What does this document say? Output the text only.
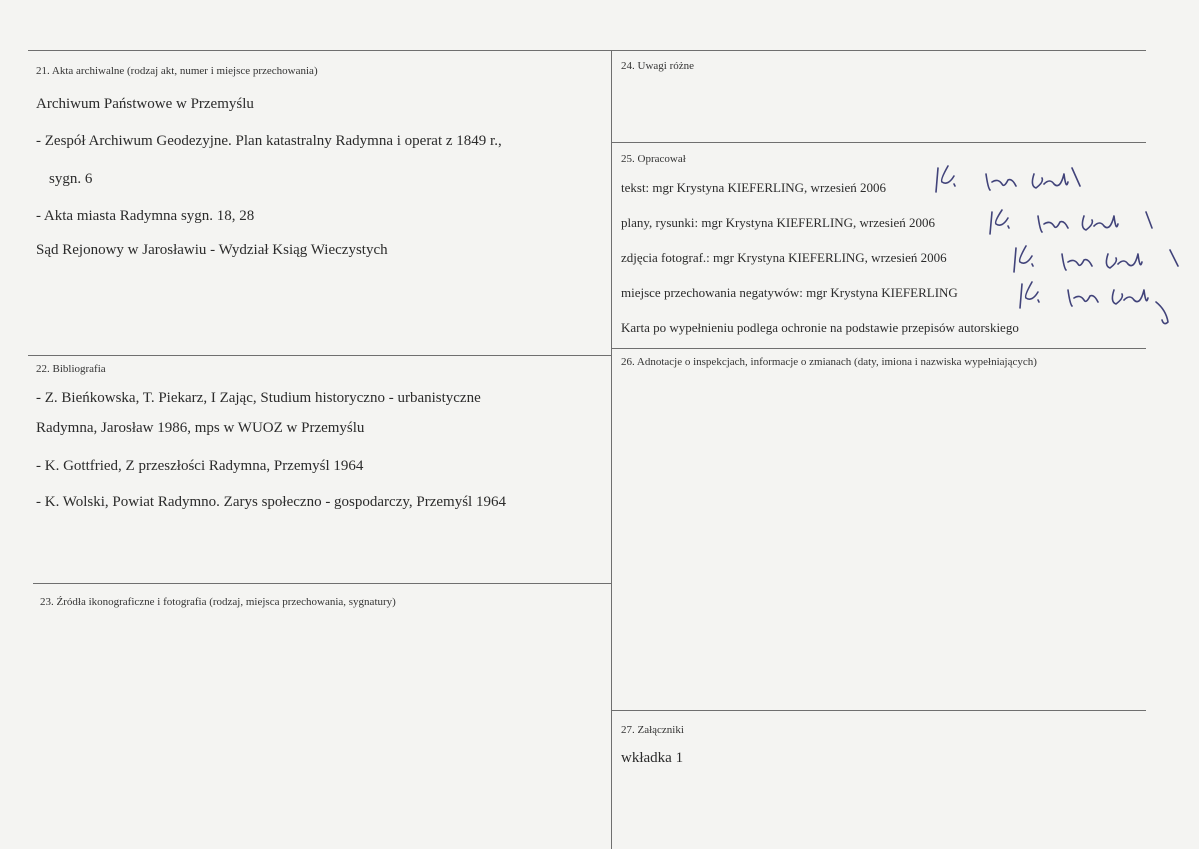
21. Akta archiwalne (rodzaj akt, numer i miejsce przechowania)
Archiwum Państwowe w Przemyślu
- Zespół Archiwum Geodezyjne. Plan katastralny Radymna i operat z 1849 r.,
sygn. 6
- Akta miasta Radymna sygn. 18, 28
Sąd Rejonowy w Jarosławiu - Wydział Ksiąg Wieczystych
22. Bibliografia
- Z. Bieńkowska, T. Piekarz, I Zając, Studium historyczno - urbanistyczne
Radymna, Jarosław 1986, mps w WUOZ w Przemyślu
- K. Gottfried, Z przeszłości Radymna, Przemyśl 1964
- K. Wolski, Powiat Radymno. Zarys społeczno - gospodarczy, Przemyśl 1964
23. Źródła ikonograficzne i fotografia (rodzaj, miejsca przechowania, sygnatury)
24. Uwagi różne
25. Opracował
tekst: mgr Krystyna KIEFERLING, wrzesień 2006
plany, rysunki: mgr Krystyna KIEFERLING, wrzesień 2006
zdjęcia fotograf.: mgr Krystyna KIEFERLING, wrzesień 2006
miejsce przechowania negatywów: mgr Krystyna KIEFERLING
Karta po wypełnieniu podlega ochronie na podstawie przepisów autorskiego
26. Adnotacje o inspekcjach, informacje o zmianach (daty, imiona i nazwiska wypełniających)
27. Załączniki
wkładka 1
